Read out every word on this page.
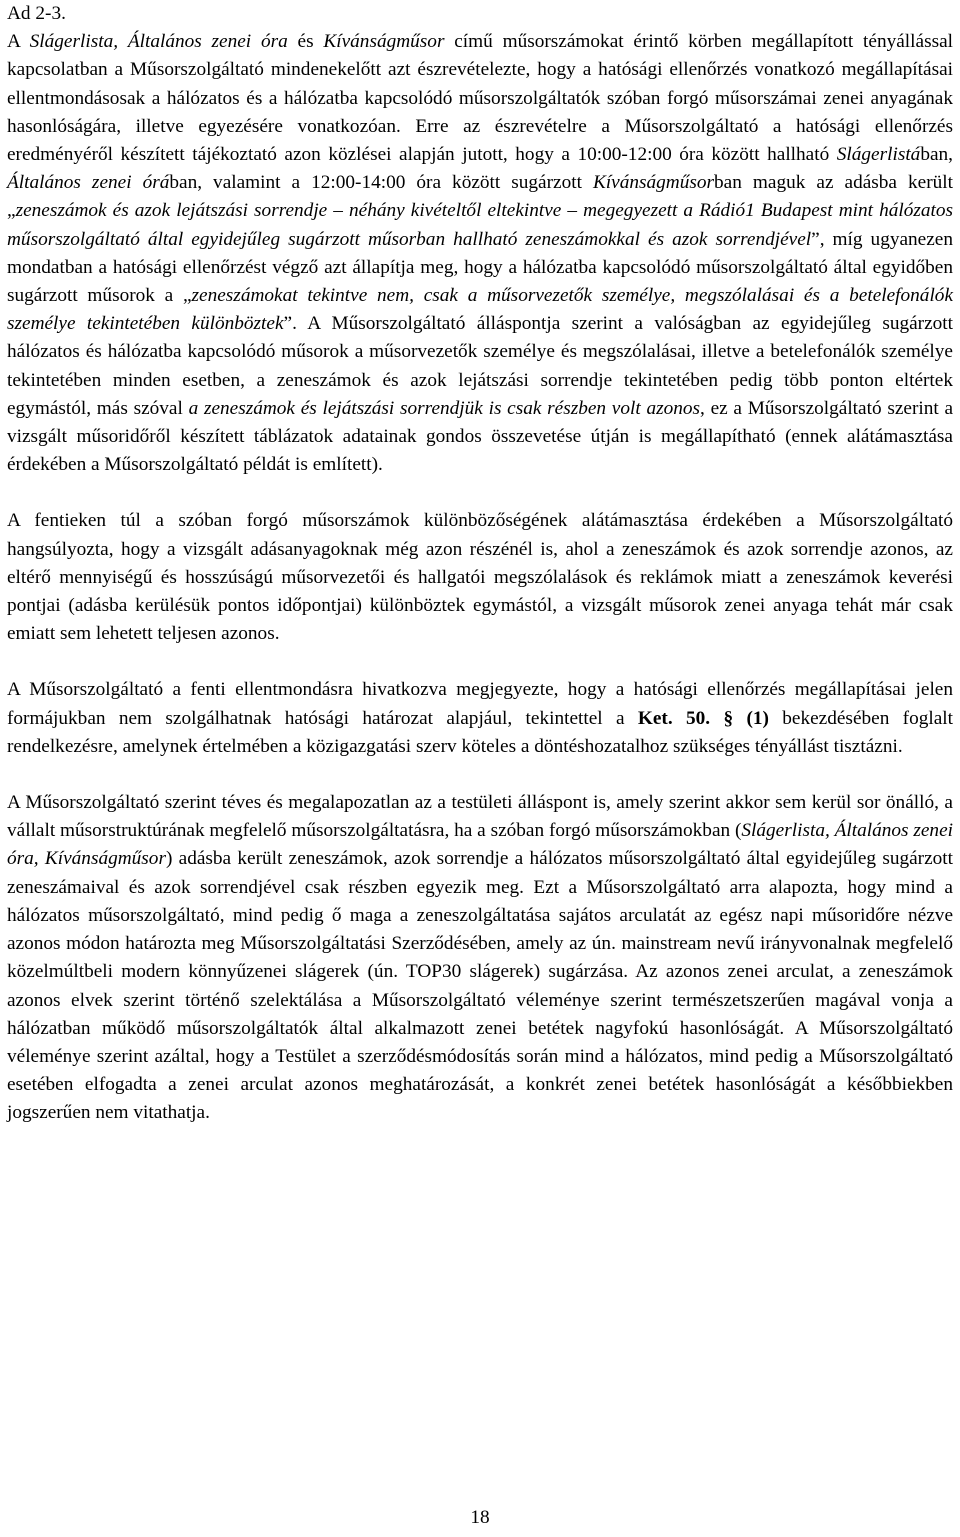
Ad 2-3.

A Slágerlista, Általános zenei óra és Kívánságműsor című műsorszámokat érintő körben megállapított tényállással kapcsolatban a Műsorszolgáltató mindenekelőtt azt észrevételezte, hogy a hatósági ellenőrzés vonatkozó megállapításai ellentmondásosak a hálózatos és a hálózatba kapcsolódó műsorszolgáltatók szóban forgó műsorszámai zenei anyagának hasonlóságára, illetve egyezésére vonatkozóan. Erre az észrevételre a Műsorszolgáltató a hatósági ellenőrzés eredményéről készített tájékoztató azon közlései alapján jutott, hogy a 10:00-12:00 óra között hallható Slágerlistában, Általános zenei órában, valamint a 12:00-14:00 óra között sugárzott Kívánságműsorban maguk az adásba került „zeneszámok és azok lejátszási sorrendje – néhány kivételtől eltekintve – megegyezett a Rádió1 Budapest mint hálózatos műsorszolgáltató által egyidejűleg sugárzott műsorban hallható zeneszámokkal és azok sorrendjével”, míg ugyanezen mondatban a hatósági ellenőrzést végző azt állapítja meg, hogy a hálózatba kapcsolódó műsorszolgáltató által egyidőben sugárzott műsorok a „zeneszámokat tekintve nem, csak a műsorvezetők személye, megszólalásai és a betelefonálók személye tekintetében különböztek”. A Műsorszolgáltató álláspontja szerint a valóságban az egyidejűleg sugárzott hálózatos és hálózatba kapcsolódó műsorok a műsorvezetők személye és megszólalásai, illetve a betelefonálók személye tekintetében minden esetben, a zeneszámok és azok lejátszási sorrendje tekintetében pedig több ponton eltértek egymástól, más szóval a zeneszámok és lejátszási sorrendjük is csak részben volt azonos, ez a Műsorszolgáltató szerint a vizsgált műsoridőről készített táblázatok adatainak gondos összevetése útján is megállapítható (ennek alátámasztása érdekében a Műsorszolgáltató példát is említett).

A fentieken túl a szóban forgó műsorszámok különbözőségének alátámasztása érdekében a Műsorszolgáltató hangsúlyozta, hogy a vizsgált adásanyagoknak még azon részénél is, ahol a zeneszámok és azok sorrendje azonos, az eltérő mennyiségű és hosszúságú műsorvezetői és hallgatói megszólalások és reklámok miatt a zeneszámok keverési pontjai (adásba kerülésük pontos időpontjai) különböztek egymástól, a vizsgált műsorok zenei anyaga tehát már csak emiatt sem lehetett teljesen azonos.

A Műsorszolgáltató a fenti ellentmondásra hivatkozva megjegyezte, hogy a hatósági ellenőrzés megállapításai jelen formájukban nem szolgálhatnak hatósági határozat alapjául, tekintettel a Ket. 50. § (1) bekezdésében foglalt rendelkezésre, amelynek értelmében a közigazgatási szerv köteles a döntéshozatalhoz szükséges tényállást tisztázni.

A Műsorszolgáltató szerint téves és megalapozatlan az a testületi álláspont is, amely szerint akkor sem kerül sor önálló, a vállalt műsorstruktúrának megfelelő műsorszolgáltatásra, ha a szóban forgó műsorszámokban (Slágerlista, Általános zenei óra, Kívánságműsor) adásba került zeneszámok, azok sorrendje a hálózatos műsorszolgáltató által egyidejűleg sugárzott zeneszámaival és azok sorrendjével csak részben egyezik meg. Ezt a Műsorszolgáltató arra alapozta, hogy mind a hálózatos műsorszolgáltató, mind pedig ő maga a zeneszolgáltatása sajátos arculatát az egész napi műsoridőre nézve azonos módon határozta meg Műsorszolgáltatási Szerződésében, amely az ún. mainstream nevű irányvonalnak megfelelő közelmúltbeli modern könnyűzenei slágerek (ún. TOP30 slágerek) sugárzása. Az azonos zenei arculat, a zeneszámok azonos elvek szerint történő szelektálása a Műsorszolgáltató véleménye szerint természetszerűen magával vonja a hálózatban működő műsorszolgáltatók által alkalmazott zenei betétek nagyfokú hasonlóságát. A Műsorszolgáltató véleménye szerint azáltal, hogy a Testület a szerződésmódosítás során mind a hálózatos, mind pedig a Műsorszolgáltató esetében elfogadta a zenei arculat azonos meghatározását, a konkrét zenei betétek hasonlóságát a későbbiekben jogszerűen nem vitathatja.

18
